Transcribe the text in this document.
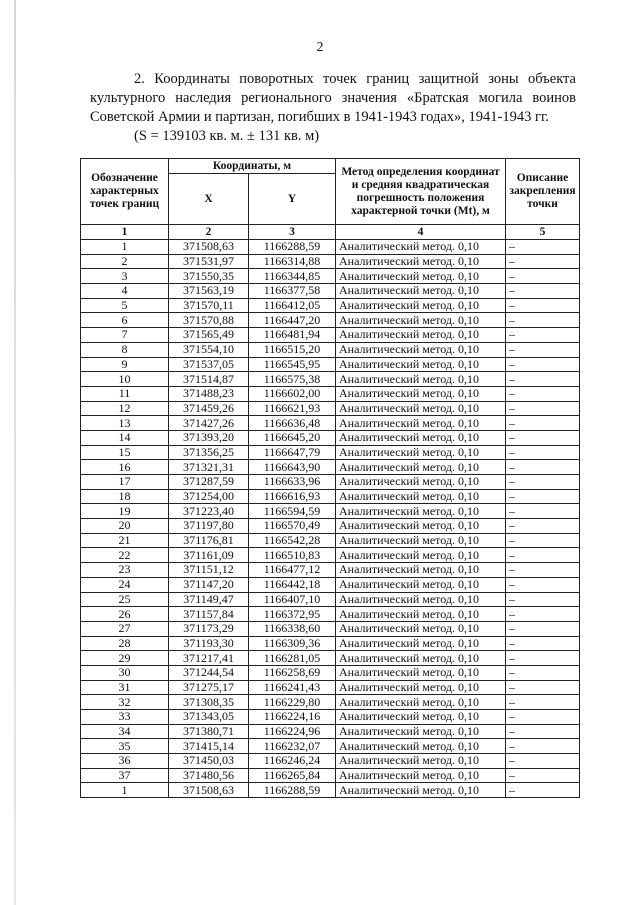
2

2. Координаты поворотных точек границ защитной зоны объекта культурного наследия регионального значения «Братская могила воинов Советской Армии и партизан, погибших в 1941-1943 годах», 1941-1943 гг.
(S = 139103 кв. м. ± 131 кв. м)

Обозначение характерных точек границ	Координаты, м		Метод определения координат и средняя квадратическая погрешность положения характерной точки (Mt), м	Описание закрепления точки
	X	Y		
1	2	3	4	5
1	371508,63	1166288,59	Аналитический метод. 0,10	–
2	371531,97	1166314,88	Аналитический метод. 0,10	–
3	371550,35	1166344,85	Аналитический метод. 0,10	–
4	371563,19	1166377,58	Аналитический метод. 0,10	–
5	371570,11	1166412,05	Аналитический метод. 0,10	–
6	371570,88	1166447,20	Аналитический метод. 0,10	–
7	371565,49	1166481,94	Аналитический метод. 0,10	–
8	371554,10	1166515,20	Аналитический метод. 0,10	–
9	371537,05	1166545,95	Аналитический метод. 0,10	–
10	371514,87	1166575,38	Аналитический метод. 0,10	–
11	371488,23	1166602,00	Аналитический метод. 0,10	–
12	371459,26	1166621,93	Аналитический метод. 0,10	–
13	371427,26	1166636,48	Аналитический метод. 0,10	–
14	371393,20	1166645,20	Аналитический метод. 0,10	–
15	371356,25	1166647,79	Аналитический метод. 0,10	–
16	371321,31	1166643,90	Аналитический метод. 0,10	–
17	371287,59	1166633,96	Аналитический метод. 0,10	–
18	371254,00	1166616,93	Аналитический метод. 0,10	–
19	371223,40	1166594,59	Аналитический метод. 0,10	–
20	371197,80	1166570,49	Аналитический метод. 0,10	–
21	371176,81	1166542,28	Аналитический метод. 0,10	–
22	371161,09	1166510,83	Аналитический метод. 0,10	–
23	371151,12	1166477,12	Аналитический метод. 0,10	–
24	371147,20	1166442,18	Аналитический метод. 0,10	–
25	371149,47	1166407,10	Аналитический метод. 0,10	–
26	371157,84	1166372,95	Аналитический метод. 0,10	–
27	371173,29	1166338,60	Аналитический метод. 0,10	–
28	371193,30	1166309,36	Аналитический метод. 0,10	–
29	371217,41	1166281,05	Аналитический метод. 0,10	–
30	371244,54	1166258,69	Аналитический метод. 0,10	–
31	371275,17	1166241,43	Аналитический метод. 0,10	–
32	371308,35	1166229,80	Аналитический метод. 0,10	–
33	371343,05	1166224,16	Аналитический метод. 0,10	–
34	371380,71	1166224,96	Аналитический метод. 0,10	–
35	371415,14	1166232,07	Аналитический метод. 0,10	–
36	371450,03	1166246,24	Аналитический метод. 0,10	–
37	371480,56	1166265,84	Аналитический метод. 0,10	–
1	371508,63	1166288,59	Аналитический метод. 0,10	–
